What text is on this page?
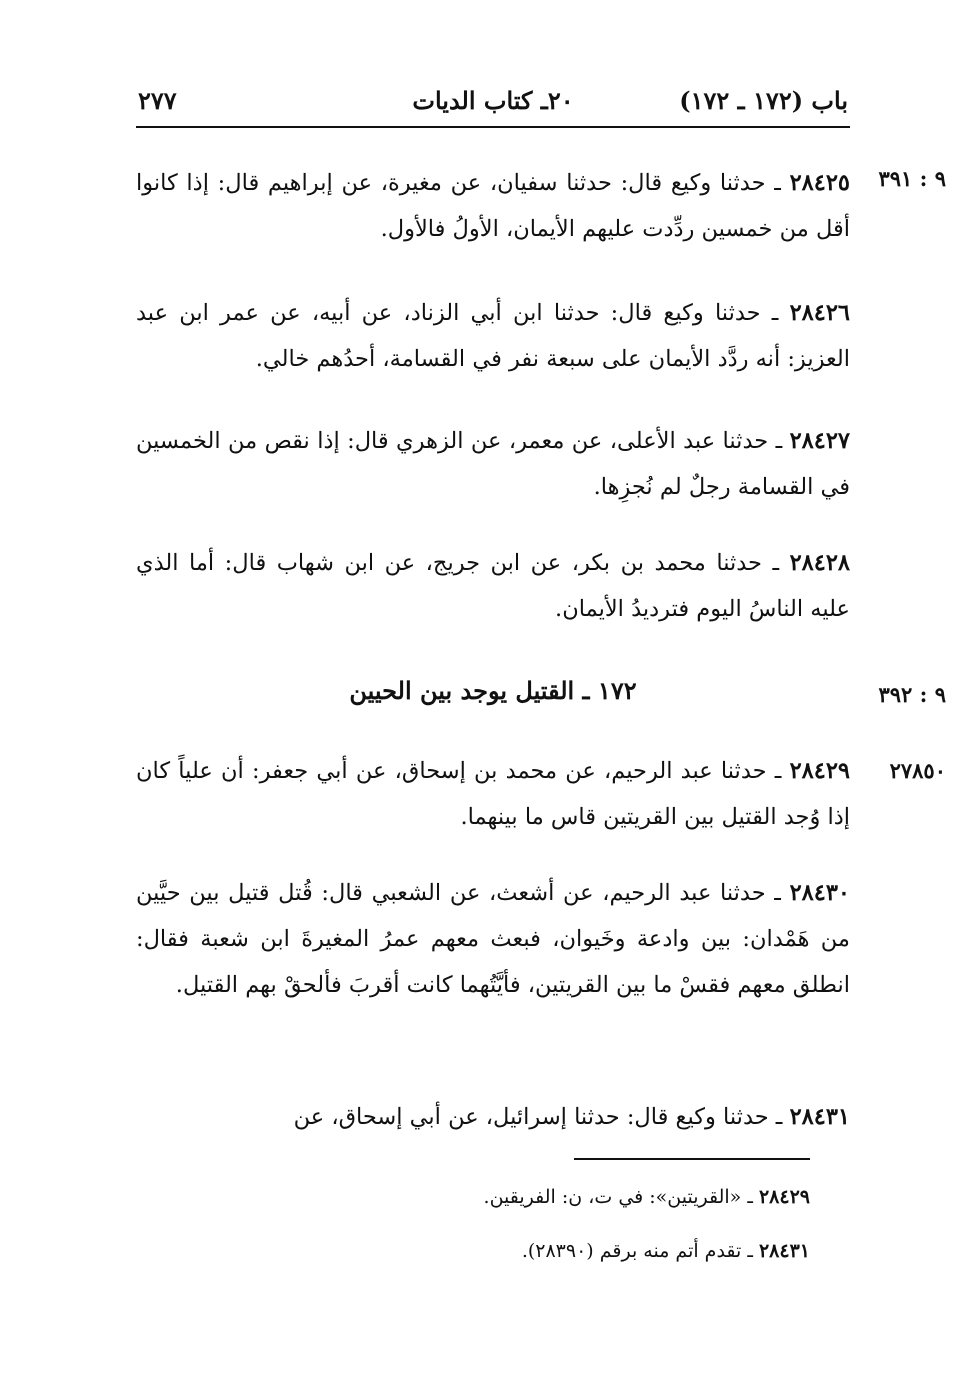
باب (١٧٢ ـ ١٧٢)
٢٠ـ كتاب الديات
٢٧٧
٩ : ٣٩١
٢٨٤٢٥ ـ حدثنا وكيع قال: حدثنا سفيان، عن مغيرة، عن إبراهيم قال: إذا كانوا أقل من خمسين ردِّدت عليهم الأيمان، الأولُ فالأول.
٢٨٤٢٦ ـ حدثنا وكيع قال: حدثنا ابن أبي الزناد، عن أبيه، عن عمر ابن عبد العزيز: أنه ردَّد الأيمان على سبعة نفر في القسامة، أحدُهم خالي.
٢٨٤٢٧ ـ حدثنا عبد الأعلى، عن معمر، عن الزهري قال: إذا نقص من الخمسين في القسامة رجلٌ لم نُجزِها.
٢٨٤٢٨ ـ حدثنا محمد بن بكر، عن ابن جريج، عن ابن شهاب قال: أما الذي عليه الناسُ اليوم فترديدُ الأيمان.
٩ : ٣٩٢
١٧٢ ـ القتيل يوجد بين الحيين
٢٧٨٥٠
٢٨٤٢٩ ـ حدثنا عبد الرحيم، عن محمد بن إسحاق، عن أبي جعفر: أن علياً كان إذا وُجد القتيل بين القريتين قاس ما بينهما.
٢٨٤٣٠ ـ حدثنا عبد الرحيم، عن أشعث، عن الشعبي قال: قُتل قتيل بين حيَّين من هَمْدان: بين وادعة وخَيوان، فبعث معهم عمرُ المغيرةَ ابن شعبة فقال: انطلق معهم فقسْ ما بين القريتين، فأيَّتُهما كانت أقربَ فألحقْ بهم القتيل.
٢٨٤٣١ ـ حدثنا وكيع قال: حدثنا إسرائيل، عن أبي إسحاق، عن
٢٨٤٢٩ ـ «القريتين»: في ت، ن: الفريقين.
٢٨٤٣١ ـ تقدم أتم منه برقم (٢٨٣٩٠).
